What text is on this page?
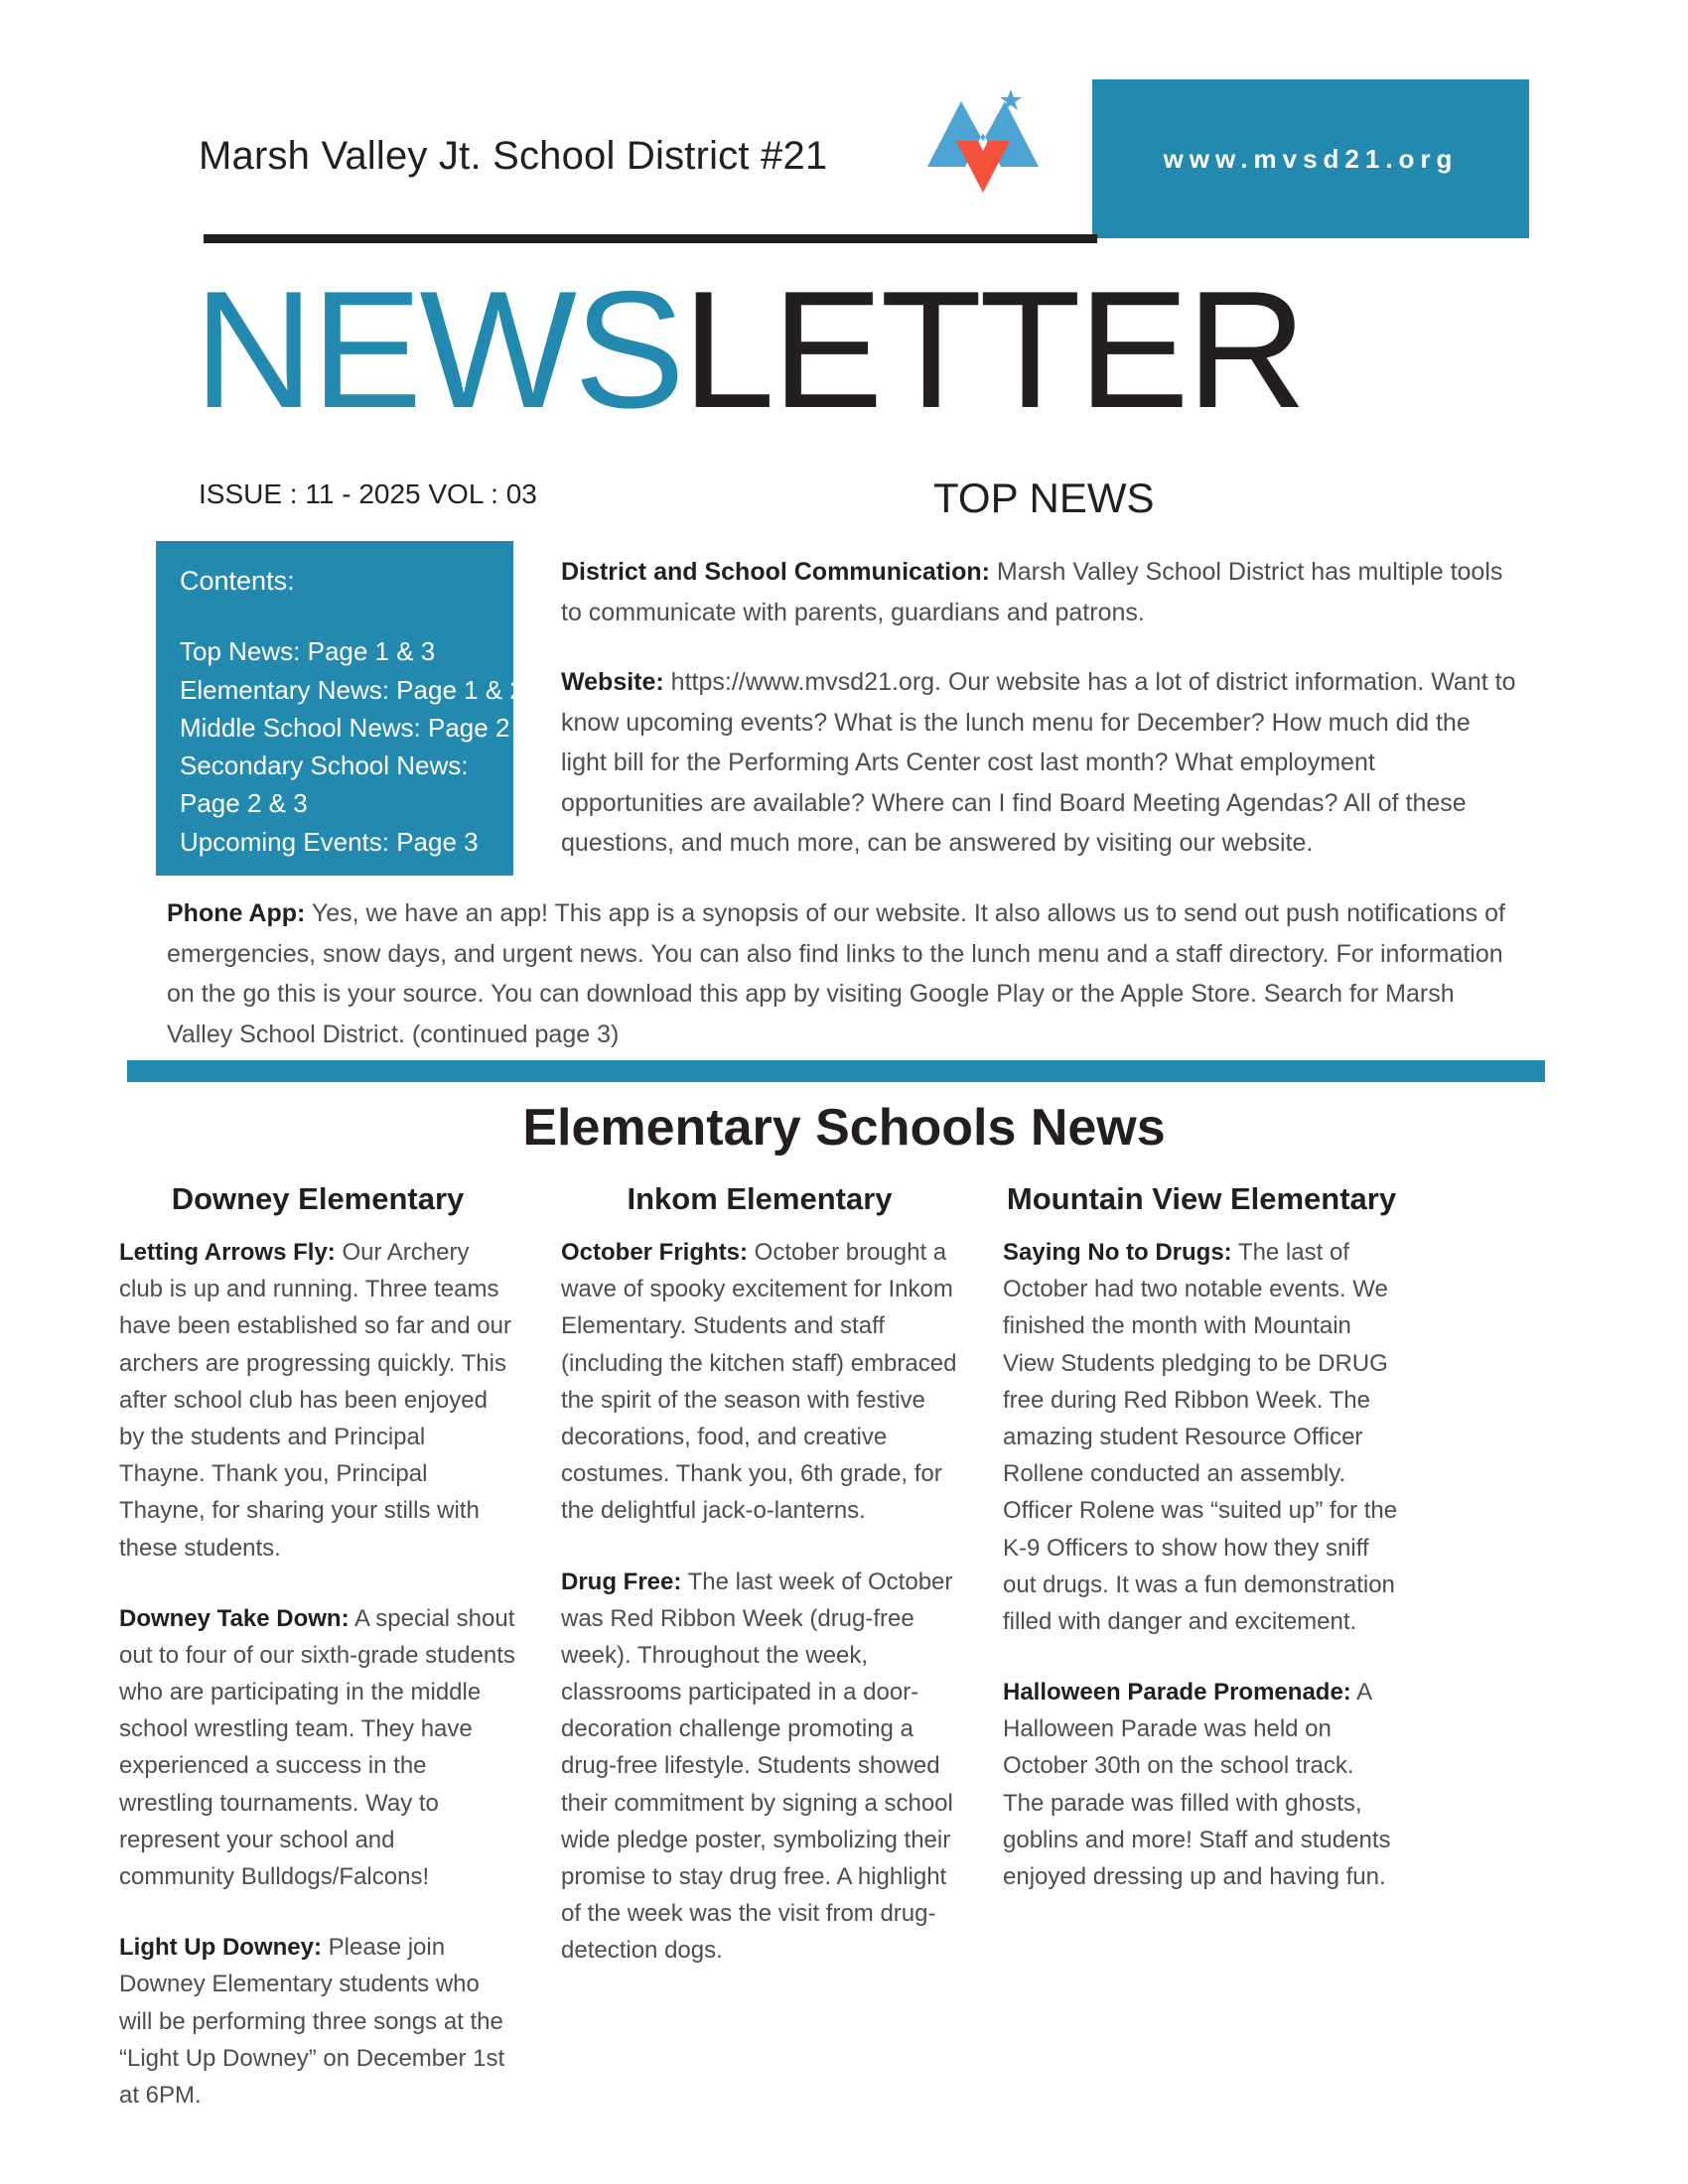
Marsh Valley Jt. School District #21	www.mvsd21.org
NEWSLETTER
ISSUE : 11 - 2025 VOL : 03	TOP NEWS
Contents:
Top News: Page 1 & 3
Elementary News: Page 1 & 2
Middle School News: Page 2
Secondary School News:
Page 2 & 3
Upcoming Events: Page 3

District and School Communication: Marsh Valley School District has multiple tools to communicate with parents, guardians and patrons.

Website: https://www.mvsd21.org. Our website has a lot of district information. Want to know upcoming events? What is the lunch menu for December? How much did the light bill for the Performing Arts Center cost last month? What employment opportunities are available? Where can I find Board Meeting Agendas? All of these questions, and much more, can be answered by visiting our website.

Phone App: Yes, we have an app! This app is a synopsis of our website. It also allows us to send out push notifications of emergencies, snow days, and urgent news. You can also find links to the lunch menu and a staff directory. For information on the go this is your source. You can download this app by visiting Google Play or the Apple Store. Search for Marsh Valley School District. (continued page 3)
Elementary Schools News
Downey Elementary

Letting Arrows Fly: Our Archery club is up and running. Three teams have been established so far and our archers are progressing quickly. This after school club has been enjoyed by the students and Principal Thayne. Thank you, Principal Thayne, for sharing your stills with these students.

Downey Take Down: A special shout out to four of our sixth-grade students who are participating in the middle school wrestling team. They have experienced a success in the wrestling tournaments. Way to represent your school and community Bulldogs/Falcons!

Light Up Downey: Please join Downey Elementary students who will be performing three songs at the “Light Up Downey” on December 1st at 6PM.

Inkom Elementary

October Frights: October brought a wave of spooky excitement for Inkom Elementary. Students and staff (including the kitchen staff) embraced the spirit of the season with festive decorations, food, and creative costumes. Thank you, 6th grade, for the delightful jack-o-lanterns.

Drug Free: The last week of October was Red Ribbon Week (drug-free week). Throughout the week, classrooms participated in a door-decoration challenge promoting a drug-free lifestyle. Students showed their commitment by signing a school wide pledge poster, symbolizing their promise to stay drug free. A highlight of the week was the visit from drug-detection dogs.

Mountain View Elementary

Saying No to Drugs: The last of October had two notable events. We finished the month with Mountain View Students pledging to be DRUG free during Red Ribbon Week. The amazing student Resource Officer Rollene conducted an assembly. Officer Rolene was “suited up” for the K-9 Officers to show how they sniff out drugs. It was a fun demonstration filled with danger and excitement.

Halloween Parade Promenade: A Halloween Parade was held on October 30th on the school track. The parade was filled with ghosts, goblins and more! Staff and students enjoyed dressing up and having fun.
